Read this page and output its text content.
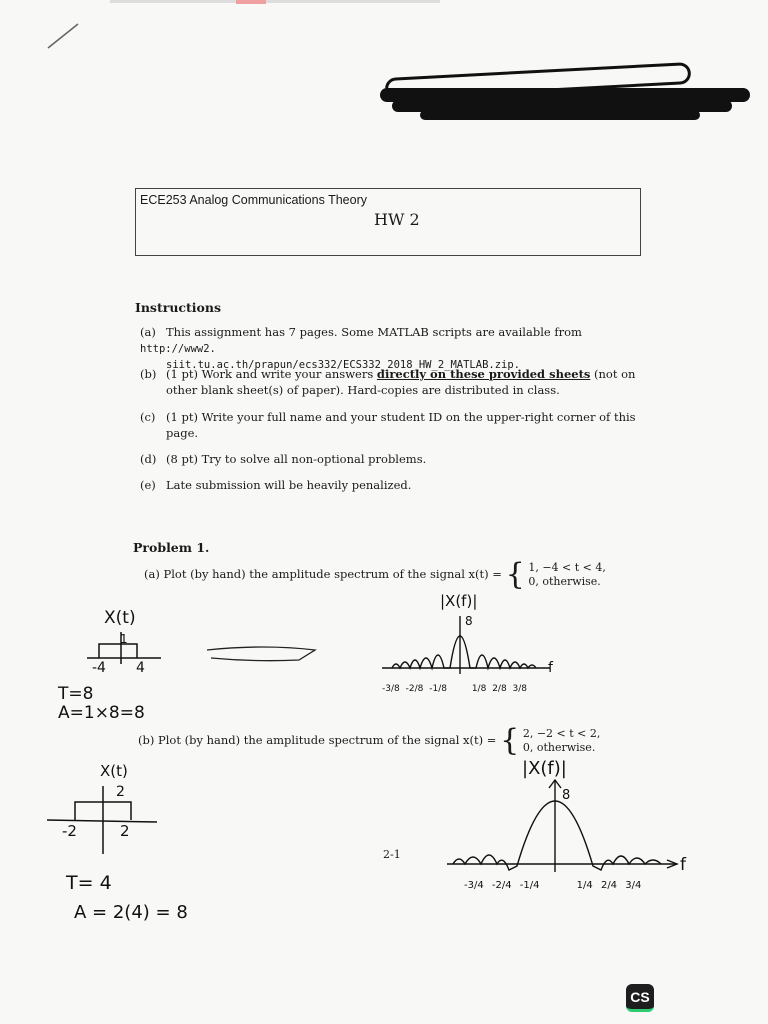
ECE253 Analog Communications Theory
HW 2
Instructions
(a) This assignment has 7 pages. Some MATLAB scripts are available from http://www2.
siit.tu.ac.th/prapun/ecs332/ECS332_2018_HW_2_MATLAB.zip.
(b) (1 pt) Work and write your answers directly on these provided sheets (not on
other blank sheet(s) of paper). Hard-copies are distributed in class.
(c) (1 pt) Write your full name and your student ID on the upper-right corner of this
page.
(d) (8 pt) Try to solve all non-optional problems.
(e) Late submission will be heavily penalized.
Problem 1.
(a) Plot (by hand) the amplitude spectrum of the signal x(t) = { 1, −4 < t < 4,
0, otherwise.
(b) Plot (by hand) the amplitude spectrum of the signal x(t) = { 2, −2 < t < 2,
0, otherwise.
X(t)
1
-4 4
T=8
A=1×8=8
|X(f)|
8
f
-3/8 -2/8 -1/8	1/8 2/8 3/8
X(t)
2
-2	2
T= 4
A = 2(4) = 8
|X(f)|
8
f
-3/4 -2/4 -1/4	1/4 2/4 3/4
2-1
CS
